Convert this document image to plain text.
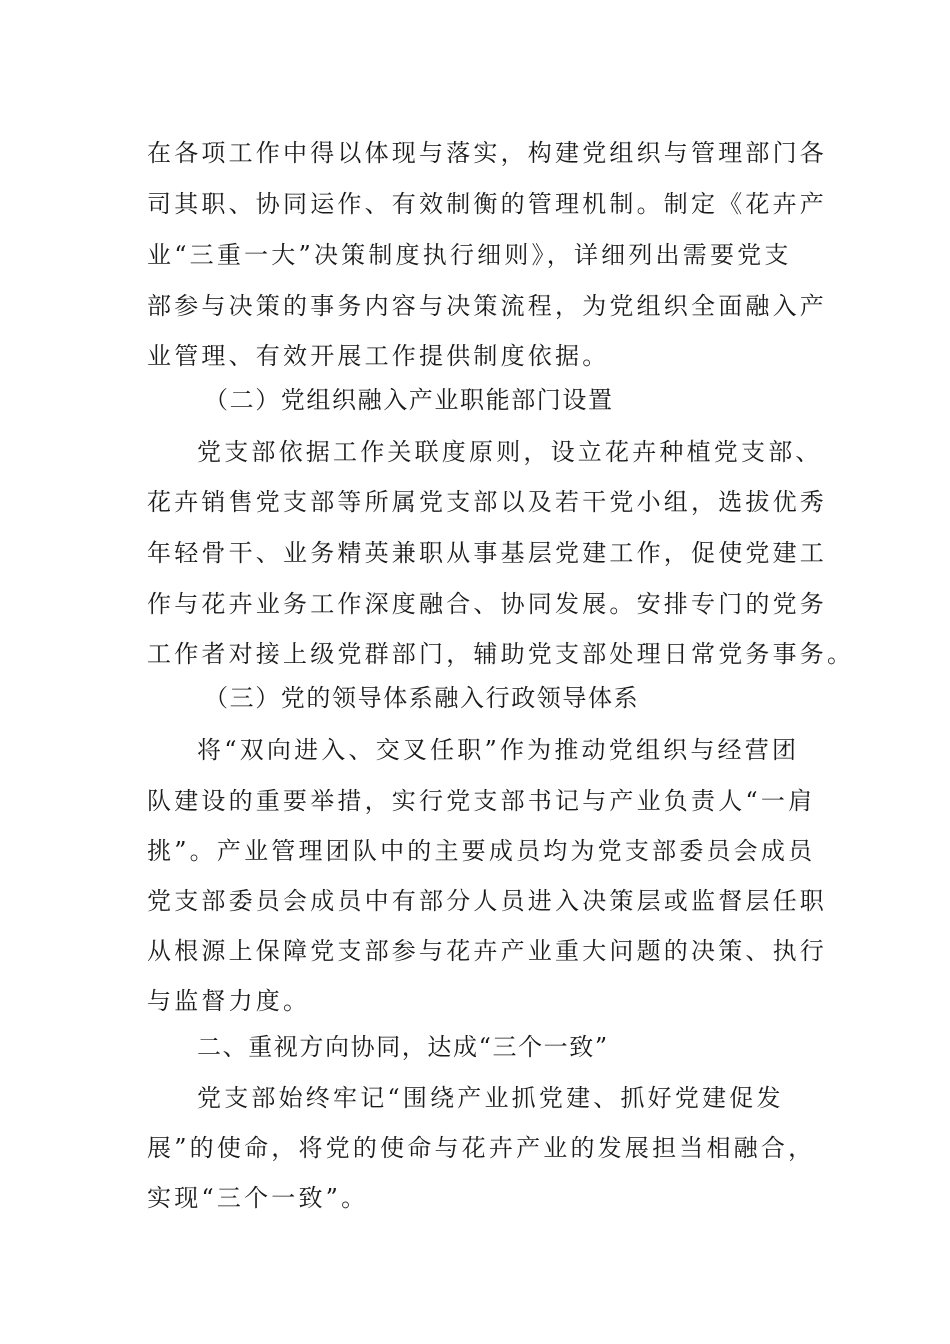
在各项工作中得以体现与落实，构建党组织与管理部门各
司其职、协同运作、有效制衡的管理机制。制定《花卉产
业“三重一大”决策制度执行细则》，详细列出需要党支
部参与决策的事务内容与决策流程，为党组织全面融入产
业管理、有效开展工作提供制度依据。
（二）党组织融入产业职能部门设置
党支部依据工作关联度原则，设立花卉种植党支部、
花卉销售党支部等所属党支部以及若干党小组，选拔优秀
年轻骨干、业务精英兼职从事基层党建工作，促使党建工
作与花卉业务工作深度融合、协同发展。安排专门的党务
工作者对接上级党群部门，辅助党支部处理日常党务事务。
（三）党的领导体系融入行政领导体系
将“双向进入、交叉任职”作为推动党组织与经营团
队建设的重要举措，实行党支部书记与产业负责人“一肩
挑”。产业管理团队中的主要成员均为党支部委员会成员
党支部委员会成员中有部分人员进入决策层或监督层任职
从根源上保障党支部参与花卉产业重大问题的决策、执行
与监督力度。
二、重视方向协同，达成“三个一致”
党支部始终牢记“围绕产业抓党建、抓好党建促发
展”的使命，将党的使命与花卉产业的发展担当相融合，
实现“三个一致”。
